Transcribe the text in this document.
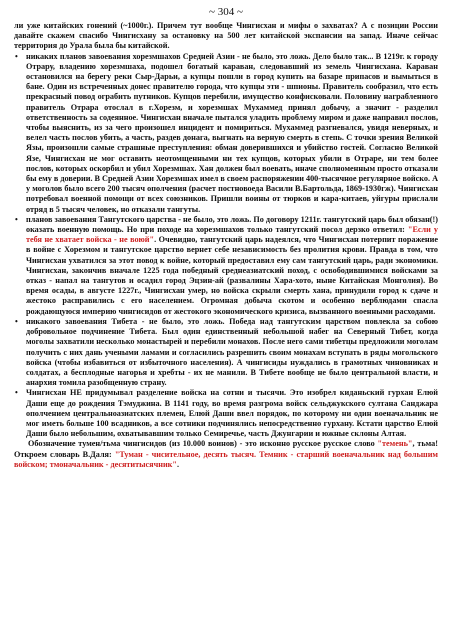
~ 304 ~

ли уже китайских гонений (~1000г.). Причем тут вообще Чингисхан и мифы о захватах? А с позиции России давайте скажем спасибо Чингисхану за остановку на 500 лет китайской экспансии на запад. Иначе сейчас территория до Урала была бы китайской.

• никаких планов завоевания хорезмшахов Средней Азии - не было, это ложь. Дело было так... В 1219г. к городу Отрару, владению хорезмшаха, подошел богатый караван, следовавший из земель Чингисхана. Караван остановился на берегу реки Сыр-Дарьи, а купцы пошли в город купить на базаре припасов и вымыться в бане. Один из встреченных донес правителю города, что купцы эти - шпионы. Правитель сообразил, что есть прекрасный повод ограбить путников. Купцов перебили, имущество конфисковали. Половину награбленного правитель Отрара отослал в г.Хорезм, и хорезмшах Мухаммед принял добычу, а значит - разделил ответственность за содеянное. Чингисхан вначале пытался уладить проблему миром и даже направил послов, чтобы выяснить, из за чего произошел инцидент и помириться. Мухаммед разгневался, увидя неверных, и велел часть послов убить, а часть, раздев донага, выгнать на верную смерть в степь. С точки зрения Великой Язы, произошли самые страшные преступления: обман доверившихся и убийство гостей. Согласно Великой Язе, Чингисхан не мог оставить неотомщенными ни тех купцов, которых убили в Отраре, ни тем более послов, которых оскорбил и убил Хорезмшах. Хан должен был воевать, иначе сполноменным просто отказали бы ему в доверии. В Средней Азии Хорезмшах имел в своем распоряжении 400-тысячное регулярное войско. А у моголов было всего 200 тысяч ополчения (расчет постновоеда Васили В.Бартольда, 1869-1930гж). Чингисхан потребовал военной помощи от всех союзников. Пришли воины от тюрков и кара-китаев, уйгуры прислали отряд в 5 тысяч человек, но отказали тангуты.
• планов завоевания Тангутского царства - не было, это ложь. По договору 1211г. тангутский царь был обязан(!) оказать военную помощь. Но при походе на хорезмшахов только тангутский посол дерзко ответил: "Если у тебя не хватает войска - не воюй". Очевидно, тангутский царь надеялся, что Чингисхан потерпит поражение в войне с Хорезмом и тангутское царство вернет себе независимость без пролития крови. Правда в том, что Чингисхан ухватился за этот повод к войне, который предоставил ему сам тангутский царь, ради экономики. Чингисхан, закончив вначале 1225 года победный среднеазиатский поход, с освободившимися войсками за отказ - напал на тангутов и осадил город Эцзин-ай (развалины Хара-хото, ныне Китайская Монголия). Во время осады, в августе 1227г., Чингисхан умер, но войска скрыли смерть хана, принудили город к сдаче и жестоко расправились с его населением. Огромная добыча скотом и особенно верблюдами спасла рождающуюся империю чингисидов от жестокого экономического кризиса, вызванного военными расходами.
• никакого завоевания Тибета - не было, это ложь. Победа над тангутским царством повлекла за собою добровольное подчинение Тибета. Был один единственный небольшой набег на Северный Тибет, когда моголы захватили несколько монастырей и перебили монахов. После него сами тибетцы предложили моголам получить с них дань учеными ламами и согласились разрешить своим монахам вступать в ряды могольского войска (чтобы избавиться от избыточного населения). А чингисиды нуждались в грамотных чиновниках и солдатах, а бесплодные нагорья и хребты - их не манили. В Тибете вообще не было центральной власти, и анархия томила разобщенную страну.
• Чингисхан НЕ придумывал разделение войска на сотни и тысячи. Это изобрел киданьский гурхан Елюй Даши еще до рождения Тэмуджина. В 1141 году, во время разгрома войск сельджукского султана Санджара ополчением центральноазиатских племен, Елюй Даши ввел порядок, по которому ни один военачальник не мог иметь больше 100 всадников, а все сотники подчинялись непосредственно гурхану. Кстати царство Елюй Даши было небольшим, охватывавшим только Семиречье, часть Джунгарии и южные склоны Алтая.

Обозначение тумен/тьма чингисидов (из 10.000 воинов) - это исконно русское русское слово "темень", тьма! Откроем словарь В.Даля: "Туман - чисительное, десять тысяч. Темник - старший военачальник над большим войском; тмоначальник - десятитысячник".
